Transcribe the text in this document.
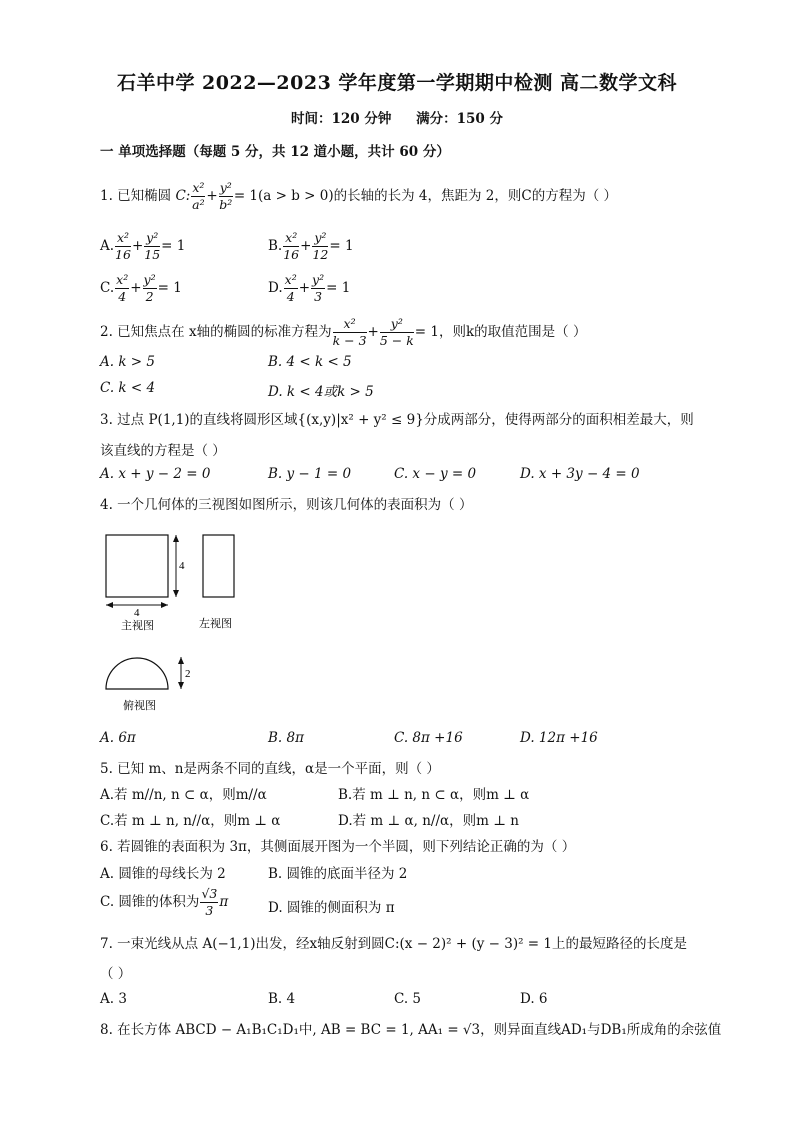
石羊中学 2022—2023 学年度第一学期期中检测 高二数学文科
时间：120 分钟 满分：150 分
一 单项选择题（每题 5 分，共 12 道小题，共计 60 分）
1. 已知椭圆 C: $\frac{\text{x²}}{\text{a²}} + \frac{\text{y²}}{\text{b²}} = 1(a > b > 0)$的长轴的长为 4，焦距为 2，则C的方程为（ ）
A. $\frac{\text{x²}}{16} + \frac{\text{y²}}{15} = 1$	B. $\frac{\text{x²}}{16} + \frac{\text{y²}}{12} = 1$
C. $\frac{\text{x²}}{4} + \frac{\text{y²}}{2} = 1$	D. $\frac{\text{x²}}{4} + \frac{\text{y²}}{3} = 1$
2. 已知焦点在 x轴的椭圆的标准方程为 $\frac{\text{x²}}{k - 3} + \frac{\text{y²}}{5 - k} = 1$，则k的取值范围是（ ）
A. k > 5	B. 4 < k < 5
C. k < 4	D. k < 4或k > 5
3. 过点 P(1,1)的直线将圆形区域{(x,y)|x² + y² ≤ 9}分成两部分，使得两部分的面积相差最大，则
该直线的方程是（ ）
A. x + y − 2 = 0	B. y − 1 = 0	C. x − y = 0	D. x + 3y − 4 = 0
4. 一个几何体的三视图如图所示，则该几何体的表面积为（ ）
4
4
主视图	左视图
2
俯视图
A. 6π	B. 8π	C. 8π +16	D. 12π +16
5. 已知 m、n是两条不同的直线，α是一个平面，则（ ）
A.若 m//n, n ⊂ α，则m//α	B.若 m ⊥ n, n ⊂ α，则m ⊥ α
C.若 m ⊥ n, n//α，则m ⊥ α	D.若 m ⊥ α, n//α，则m ⊥ n
6. 若圆锥的表面积为 3π，其侧面展开图为一个半圆，则下列结论正确的为（ ）
A. 圆锥的母线长为 2	B. 圆锥的底面半径为 2
C. 圆锥的体积为 $\frac{√3}{3}$ π	D. 圆锥的侧面积为 π
7. 一束光线从点 A(−1,1)出发，经x轴反射到圆C:(x − 2)² + (y − 3)² = 1上的最短路径的长度是
（ ）
A. 3	B. 4	C. 5	D. 6
8. 在长方体 ABCD − A₁B₁C₁D₁中, AB = BC = 1, AA₁ = √3，则异面直线AD₁与DB₁所成角的余弦值
